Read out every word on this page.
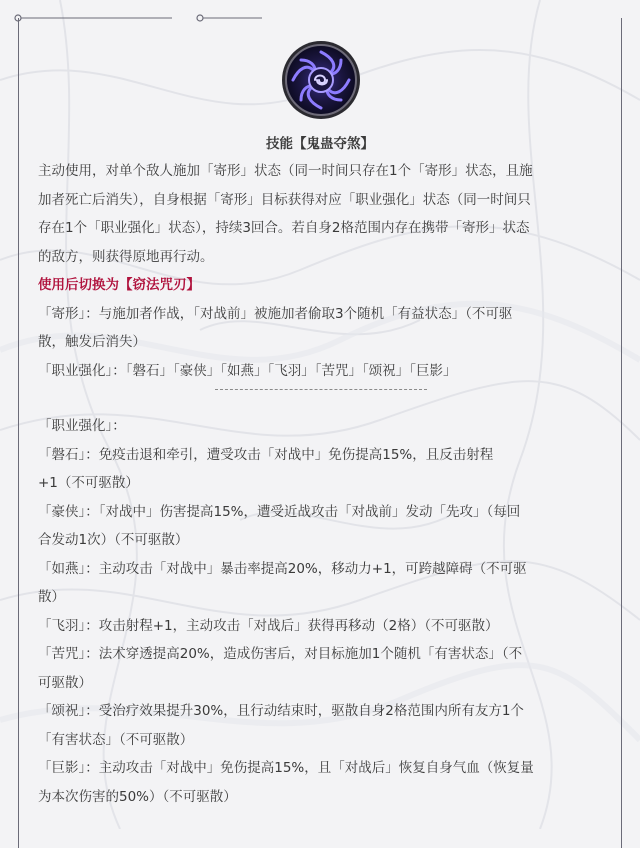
技能【鬼蛊夺煞】
主动使用，对单个敌人施加「寄形」状态（同一时间只存在1个「寄形」状态，且施
加者死亡后消失），自身根据「寄形」目标获得对应「职业强化」状态（同一时间只
存在1个「职业强化」状态），持续3回合。若自身2格范围内存在携带「寄形」状态
的敌方，则获得原地再行动。
使用后切换为【窃法咒刃】
「寄形」：与施加者作战，「对战前」被施加者偷取3个随机「有益状态」（不可驱
散，触发后消失）
「职业强化」：「磐石」「豪侠」「如燕」「飞羽」「苦咒」「颂祝」「巨影」
「职业强化」：
「磐石」：免疫击退和牵引，遭受攻击「对战中」免伤提高15%，且反击射程
+1（不可驱散）
「豪侠」：「对战中」伤害提高15%，遭受近战攻击「对战前」发动「先攻」（每回
合发动1次）（不可驱散）
「如燕」：主动攻击「对战中」暴击率提高20%，移动力+1，可跨越障碍（不可驱
散）
「飞羽」：攻击射程+1，主动攻击「对战后」获得再移动（2格）（不可驱散）
「苦咒」：法术穿透提高20%，造成伤害后，对目标施加1个随机「有害状态」（不
可驱散）
「颂祝」：受治疗效果提升30%，且行动结束时，驱散自身2格范围内所有友方1个
「有害状态」（不可驱散）
「巨影」：主动攻击「对战中」免伤提高15%，且「对战后」恢复自身气血（恢复量
为本次伤害的50%）（不可驱散）
